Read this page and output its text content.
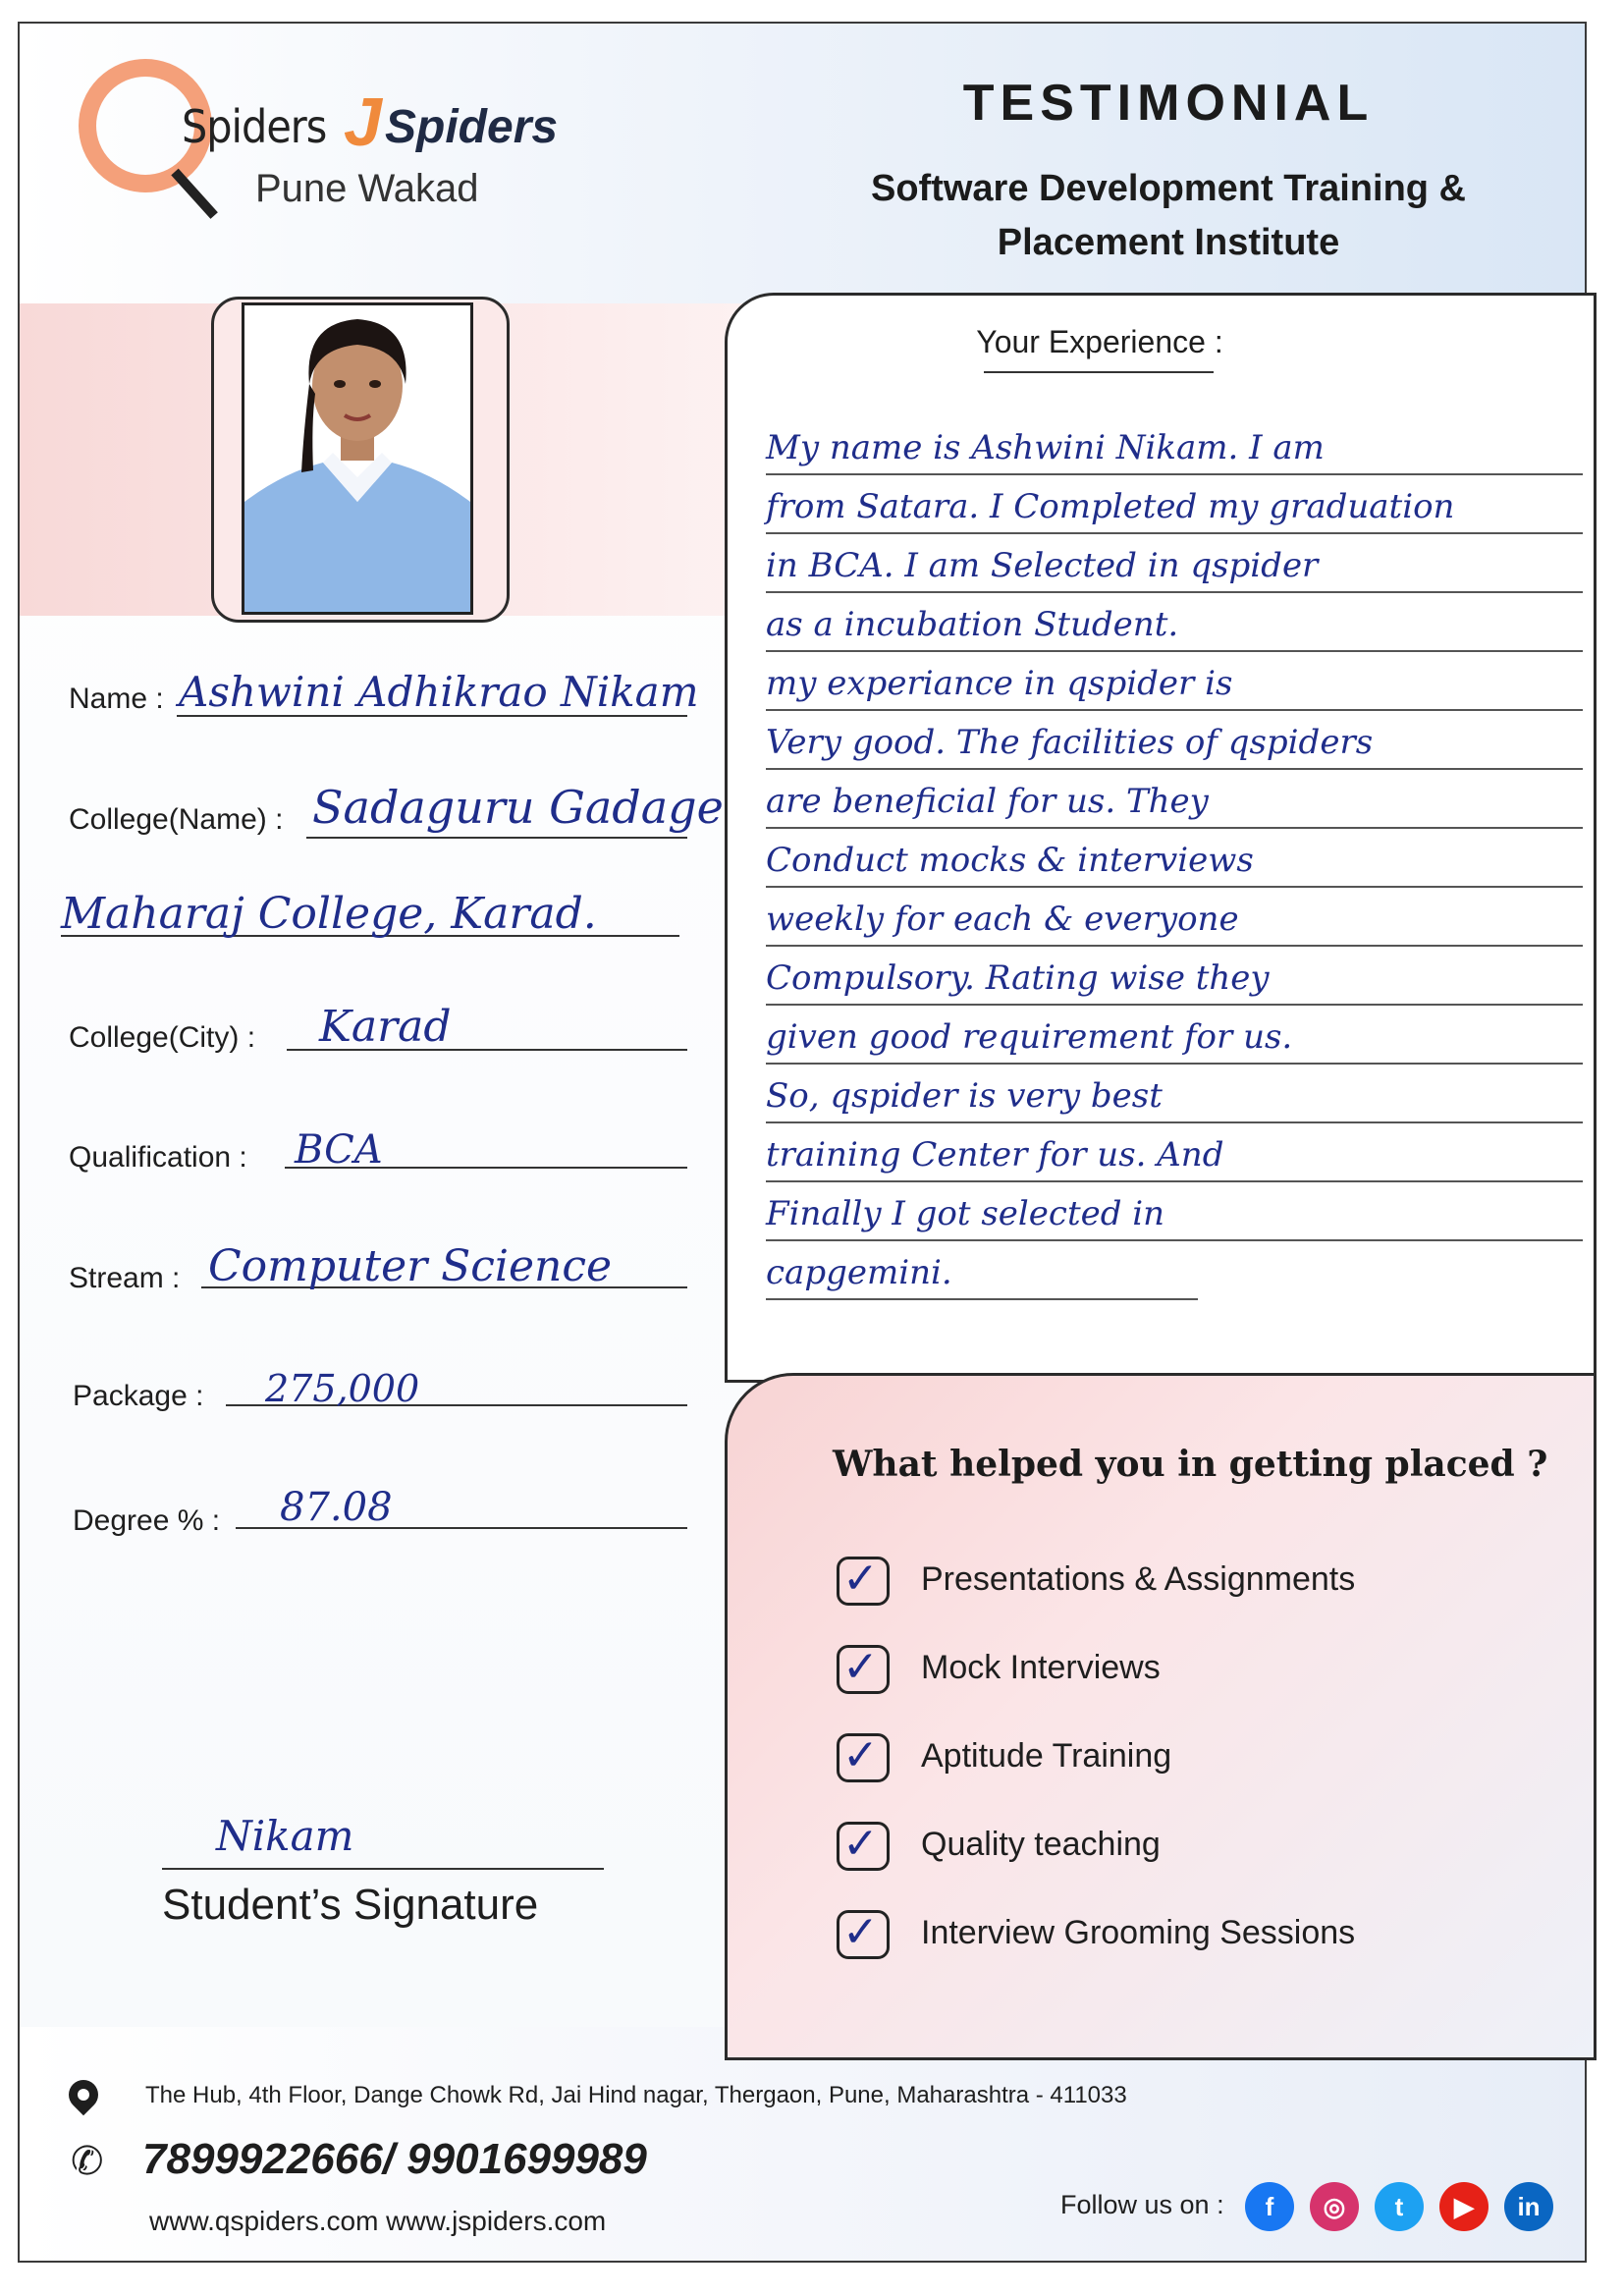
Spiders J Spiders
Pune Wakad
TESTIMONIAL
Software Development Training &
Placement Institute
Name : Ashwini Adhikrao Nikam
College(Name) : Sadaguru Gadage
Maharaj College, Karad.
College(City) : Karad
Qualification : BCA
Stream : Computer Science
Package : 275,000
Degree % : 87.08
Nikam
Student’s Signature
Your Experience :
My name is Ashwini Nikam. I am
from Satara. I Completed my graduation
in BCA. I am Selected in qspider
as a incubation Student.
my experiance in qspider is
Very good. The facilities of qspiders
are beneficial for us. They
Conduct mocks & interviews
weekly for each & everyone
Compulsory. Rating wise they
given good requirement for us.
So, qspider is very best
training Center for us. And
Finally I got selected in
capgemini.
What helped you in getting placed ?
✓ Presentations & Assignments
✓ Mock Interviews
✓ Aptitude Training
✓ Quality teaching
✓ Interview Grooming Sessions
The Hub, 4th Floor, Dange Chowk Rd, Jai Hind nagar, Thergaon, Pune, Maharashtra - 411033
✆ 7899922666/ 9901699989
www.qspiders.com www.jspiders.com
Follow us on :	f	◎	t	▶	in
